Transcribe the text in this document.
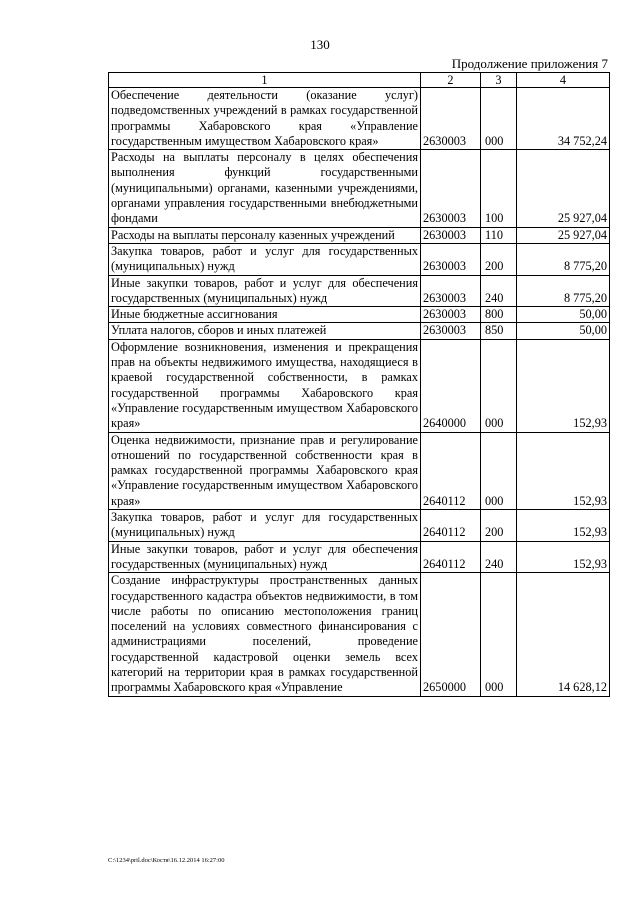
130
Продолжение приложения 7
1	2	3	4
Обеспечение деятельности (оказание услуг) подведомственных учреждений в рамках государственной программы Хабаровского края «Управление государственным имуществом Хабаровского края»	2630003	000	34 752,24
Расходы на выплаты персоналу в целях обеспечения выполнения функций государственными (муниципальными) органами, казенными учреждениями, органами управления государственными внебюджетными фондами	2630003	100	25 927,04
Расходы на выплаты персоналу казенных учреждений	2630003	110	25 927,04
Закупка товаров, работ и услуг для государственных (муниципальных) нужд	2630003	200	8 775,20
Иные закупки товаров, работ и услуг для обеспечения государственных (муниципальных) нужд	2630003	240	8 775,20
Иные бюджетные ассигнования	2630003	800	50,00
Уплата налогов, сборов и иных платежей	2630003	850	50,00
Оформление возникновения, изменения и прекращения прав на объекты недвижимого имущества, находящиеся в краевой государственной собственности, в рамках государственной программы Хабаровского края «Управление государственным имуществом Хабаровского края»	2640000	000	152,93
Оценка недвижимости, признание прав и регулирование отношений по государственной собственности края в рамках государственной программы Хабаровского края «Управление государственным имуществом Хабаровского края»	2640112	000	152,93
Закупка товаров, работ и услуг для государственных (муниципальных) нужд	2640112	200	152,93
Иные закупки товаров, работ и услуг для обеспечения государственных (муниципальных) нужд	2640112	240	152,93
Создание инфраструктуры пространственных данных государственного кадастра объектов недвижимости, в том числе работы по описанию местоположения границ поселений на условиях совместного финансирования с администрациями поселений, проведение государственной кадастровой оценки земель всех категорий на территории края в рамках государственной программы Хабаровского края «Управление	2650000	000	14 628,12
C:\1234\pril.doc\Костя\16.12.2014 16:27:00
